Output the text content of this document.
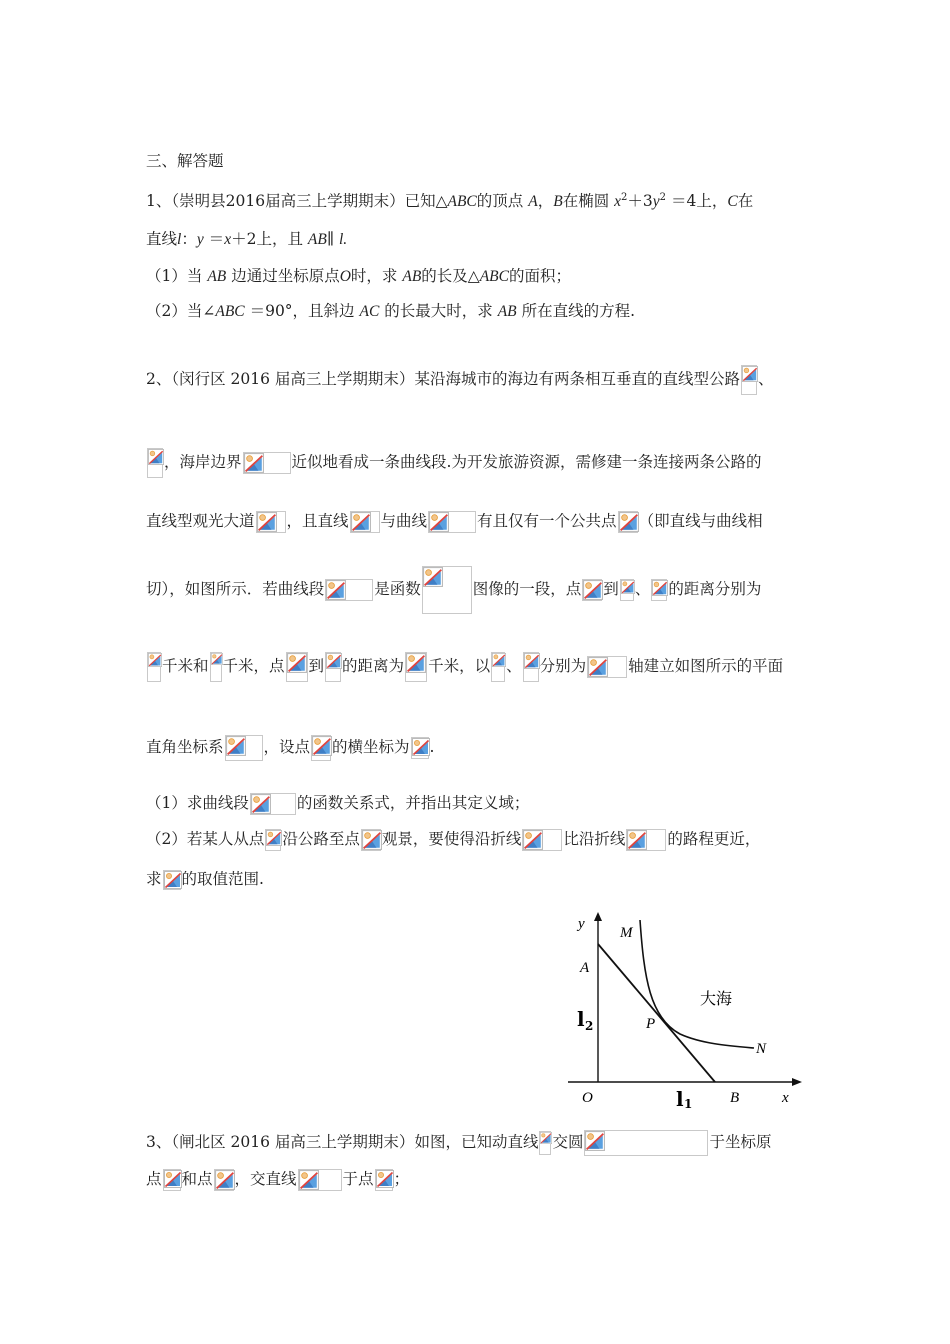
三、解答题
1、（崇明县2016届高三上学期期末）已知△ABC的顶点 A，B在椭圆 $x^2+3y^2 =4$上，C在
直线l：y ＝x＋2上，且 AB∥ l.
（1）当 AB 边通过坐标原点O时，求 AB的长及△ABC的面积；
（2）当∠ABC ＝90°，且斜边 AC 的长最大时，求 AB 所在直线的方程.
2、（闵行区 2016 届高三上学期期末）某沿海城市的海边有两条相互垂直的直线型公路 、
，海岸边界	近似地看成一条曲线段.为开发旅游资源，需修建一条连接两条公路的
直线型观光大道 ，且直线 与曲线	有且仅有一个公共点 （即直线与曲线相
切），如图所示．若曲线段	是函数	图像的一段，点 到 、 的距离分别为
千米和 千米，点 到 的距离为 千米，以 、 分别为	轴建立如图所示的平面
直角坐标系	，设点 的横坐标为 .
（1）求曲线段	的函数关系式，并指出其定义域；
（2）若某人从点 沿公路至点 观景，要使得沿折线	比沿折线	的路程更近，
求 的取值范围.
y
M
A
大海
l 2	P
N
O	l 1	B	x
3、（闸北区 2016 届高三上学期期末）如图，已知动直线 交圆	于坐标原
点 和点 ，交直线	于点 ；
